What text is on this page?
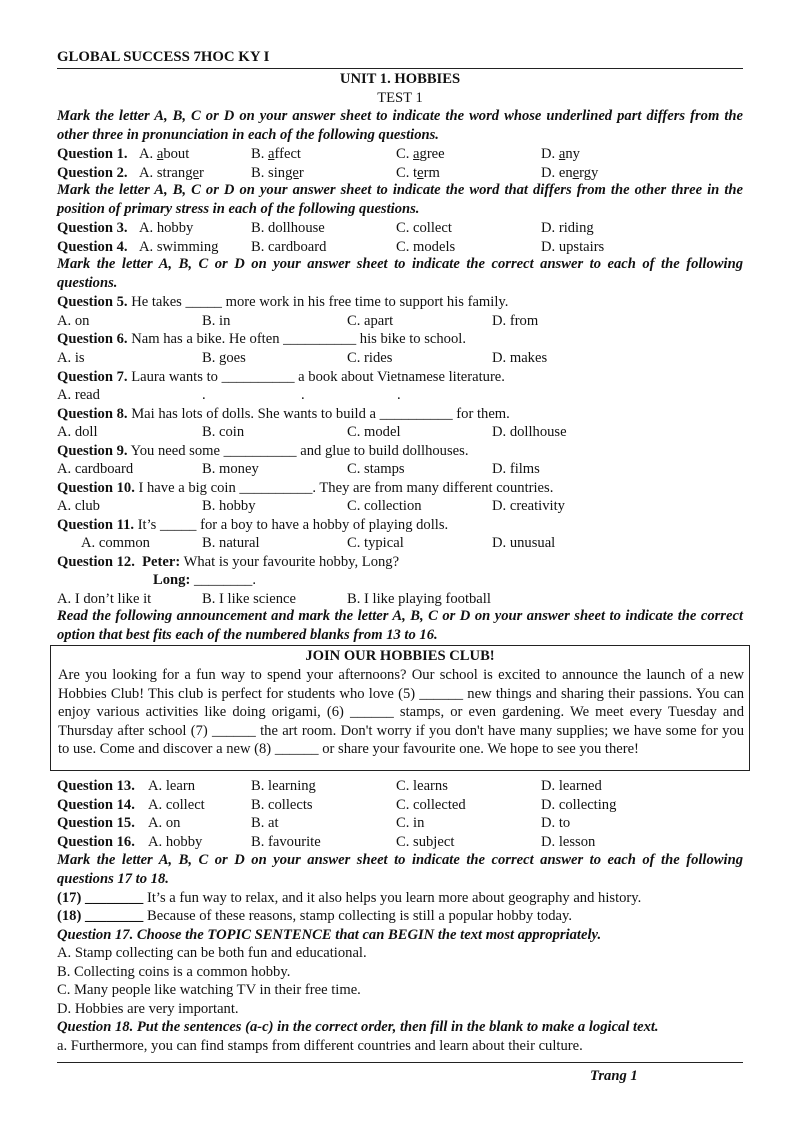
GLOBAL SUCCESS 7HOC KY I
UNIT 1. HOBBIES
TEST 1
Mark the letter A, B, C or D on your answer sheet to indicate the word whose underlined part differs from the other three in pronunciation in each of the following questions.
Question 1. A. about	B. affect	C. agree	D. any
Question 2. A. stranger	B. singer	C. term	D. energy
Mark the letter A, B, C or D on your answer sheet to indicate the word that differs from the other three in the position of primary stress in each of the following questions.
Question 3. A. hobby	B. dollhouse	C. collect	D. riding
Question 4. A. swimming B. cardboard	C. models	D. upstairs
Mark the letter A, B, C or D on your answer sheet to indicate the correct answer to each of the following questions.
Question 5. He takes _____ more work in his free time to support his family.
A. on	B. in	C. apart	D. from
Question 6. Nam has a bike. He often __________ his bike to school.
A. is	B. goes	C. rides	D. makes
Question 7. Laura wants to __________ a book about Vietnamese literature.
A. read	.	.	.
Question 8. Mai has lots of dolls. She wants to build a __________ for them.
A. doll	B. coin	C. model	D. dollhouse
Question 9. You need some __________ and glue to build dollhouses.
A. cardboard	B. money	C. stamps	D. films
Question 10. I have a big coin __________. They are from many different countries.
A. club	B. hobby	C. collection	D. creativity
Question 11. It’s _____ for a boy to have a hobby of playing dolls.
A. common	B. natural	C. typical	D. unusual
Question 12. Peter: What is your favourite hobby, Long?
Long: ________.
A. I don’t like it	B. I like science	B. I like playing football
Read the following announcement and mark the letter A, B, C or D on your answer sheet to indicate the correct option that best fits each of the numbered blanks from 13 to 16.
JOIN OUR HOBBIES CLUB!
Are you looking for a fun way to spend your afternoons? Our school is excited to announce the launch of a new Hobbies Club! This club is perfect for students who love (5) ______ new things and sharing their passions. You can enjoy various activities like doing origami, (6) ______ stamps, or even gardening. We meet every Tuesday and Thursday after school (7) ______ the art room. Don't worry if you don't have many supplies; we have some for you to use. Come and discover a new (8) ______ or share your favourite one. We hope to see you there!
Question 13. A. learn	B. learning	C. learns	D. learned
Question 14. A. collect	B. collects	C. collected	D. collecting
Question 15. A. on	B. at	C. in	D. to
Question 16. A. hobby	B. favourite	C. subject	D. lesson
Mark the letter A, B, C or D on your answer sheet to indicate the correct answer to each of the following questions 17 to 18.
(17) ________ It’s a fun way to relax, and it also helps you learn more about geography and history.
(18) ________ Because of these reasons, stamp collecting is still a popular hobby today.
Question 17. Choose the TOPIC SENTENCE that can BEGIN the text most appropriately.
A. Stamp collecting can be both fun and educational.
B. Collecting coins is a common hobby.
C. Many people like watching TV in their free time.
D. Hobbies are very important.
Question 18. Put the sentences (a-c) in the correct order, then fill in the blank to make a logical text.
a. Furthermore, you can find stamps from different countries and learn about their culture.
Trang 1
